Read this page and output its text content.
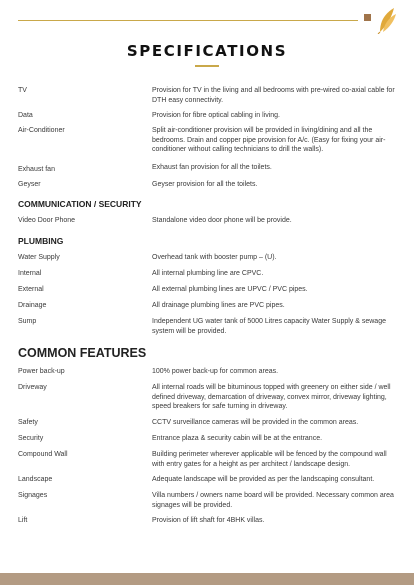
SPECIFICATIONS
TV	Provision for TV in the living and all bedrooms with pre-wired co-axial cable for DTH easy connectivity.
Data	Provision for fibre optical cabling in living.
Air-Conditioner	Split air-conditioner provision will be provided in living/dining and all the bedrooms. Drain and copper pipe provision for A/c. (Easy for fixing your air- conditioner without calling technicians to drill the walls).
Exhaust fan	Exhaust fan provision for all the toilets.
Geyser	Geyser provision for all the toilets.
COMMUNICATION / SECURITY
Video Door Phone	Standalone video door phone will be provide.
PLUMBING
Water Supply	Overhead tank with booster pump – (U).
Internal	All internal plumbing line are CPVC.
External	All external plumbing lines are UPVC / PVC pipes.
Drainage	All drainage plumbing lines are PVC pipes.
Sump	Independent UG water tank of 5000 Litres capacity Water Supply & sewage system will be provided.
COMMON FEATURES
Power back-up	100% power back-up for common areas.
Driveway	All internal roads will be bituminous topped with greenery on either side / well defined driveway, demarcation of driveway, convex mirror, driveway lighting, speed breakers for safe turning in driveway.
Safety	CCTV surveillance cameras will be provided in the common areas.
Security	Entrance plaza & security cabin will be at the entrance.
Compound Wall	Building perimeter wherever applicable will be fenced by the compound wall with entry gates for a height as per architect / landscape design.
Landscape	Adequate landscape will be provided as per the landscaping consultant.
Signages	Villa numbers / owners name board will be provided. Necessary common area signages will be provided.
Lift	Provision of lift shaft for 4BHK villas.
